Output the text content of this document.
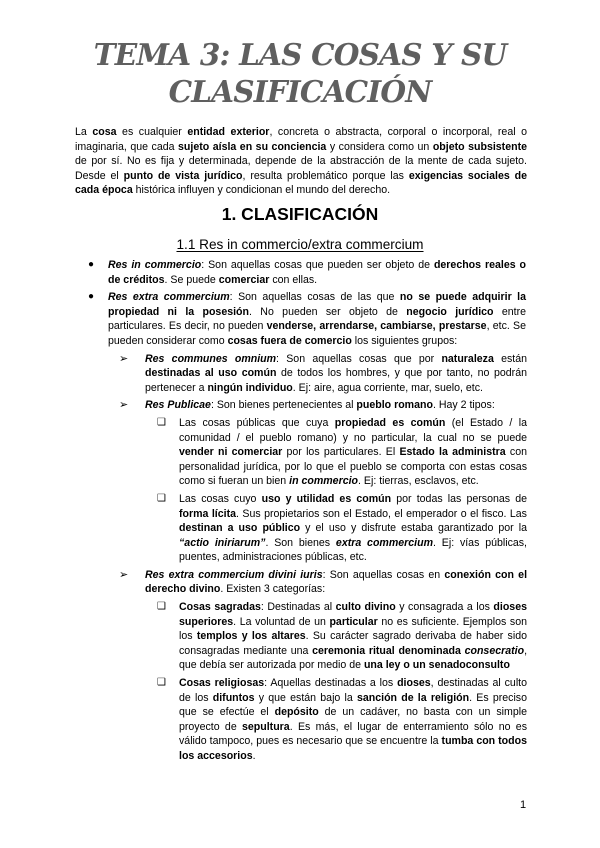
TEMA 3: LAS COSAS Y SU
CLASIFICACIÓN
La cosa es cualquier entidad exterior, concreta o abstracta, corporal o incorporal, real o imaginaria, que cada sujeto aísla en su conciencia y considera como un objeto subsistente de por sí. No es fija y determinada, depende de la abstracción de la mente de cada sujeto. Desde el punto de vista jurídico, resulta problemático porque las exigencias sociales de cada época histórica influyen y condicionan el mundo del derecho.
1. CLASIFICACIÓN
1.1 Res in commercio/extra commercium
● Res in commercio: Son aquellas cosas que pueden ser objeto de derechos reales o de créditos. Se puede comerciar con ellas.
● Res extra commercium: Son aquellas cosas de las que no se puede adquirir la propiedad ni la posesión. No pueden ser objeto de negocio jurídico entre particulares. Es decir, no pueden venderse, arrendarse, cambiarse, prestarse, etc. Se pueden considerar como cosas fuera de comercio los siguientes grupos:
➢ Res communes omnium: Son aquellas cosas que por naturaleza están destinadas al uso común de todos los hombres, y que por tanto, no podrán pertenecer a ningún individuo. Ej: aire, agua corriente, mar, suelo, etc.
➢ Res Publicae: Son bienes pertenecientes al pueblo romano. Hay 2 tipos:
❑ Las cosas públicas que cuya propiedad es común (el Estado / la comunidad / el pueblo romano) y no particular, la cual no se puede vender ni comerciar por los particulares. El Estado la administra con personalidad jurídica, por lo que el pueblo se comporta con estas cosas como si fueran un bien in commercio. Ej: tierras, esclavos, etc.
❑ Las cosas cuyo uso y utilidad es común por todas las personas de forma lícita. Sus propietarios son el Estado, el emperador o el fisco. Las destinan a uso público y el uso y disfrute estaba garantizado por la “actio iniriarum”. Son bienes extra commercium. Ej: vías públicas, puentes, administraciones públicas, etc.
➢ Res extra commercium divini iuris: Son aquellas cosas en conexión con el derecho divino. Existen 3 categorías:
❑ Cosas sagradas: Destinadas al culto divino y consagrada a los dioses superiores. La voluntad de un particular no es suficiente. Ejemplos son los templos y los altares. Su carácter sagrado derivaba de haber sido consagradas mediante una ceremonia ritual denominada consecratio, que debía ser autorizada por medio de una ley o un senadoconsulto
❑ Cosas religiosas: Aquellas destinadas a los dioses, destinadas al culto de los difuntos y que están bajo la sanción de la religión. Es preciso que se efectúe el depósito de un cadáver, no basta con un simple proyecto de sepultura. Es más, el lugar de enterramiento sólo no es válido tampoco, pues es necesario que se encuentre la tumba con todos los accesorios.
1
